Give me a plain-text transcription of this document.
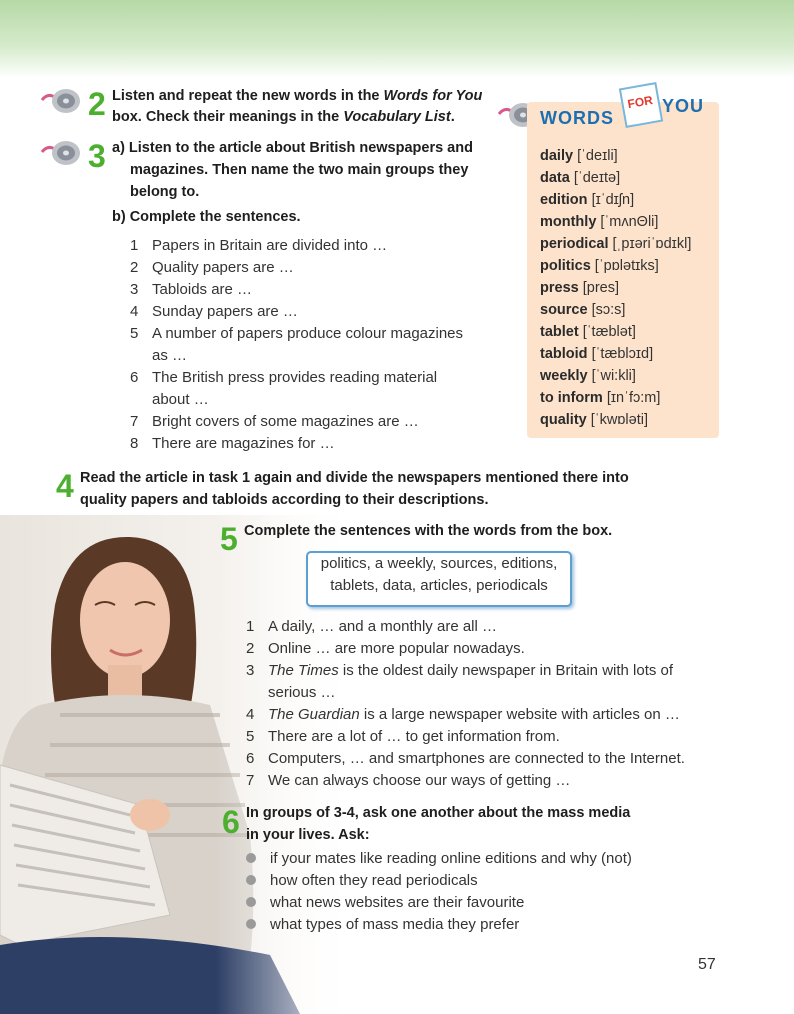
2 Listen and repeat the new words in the Words for You
box. Check their meanings in the Vocabulary List.
3 a) Listen to the article about British newspapers and
magazines. Then name the two main groups they
belong to.
b) Complete the sentences.
1 Papers in Britain are divided into …
2 Quality papers are …
3 Tabloids are …
4 Sunday papers are …
5 A number of papers produce colour magazines
as …
6 The British press provides reading material
about …
7 Bright covers of some magazines are …
8 There are magazines for …
WORDS
FOR YOU
daily [ˈdeɪli]
data [ˈdeɪtə]
edition [ɪˈdɪʃn]
monthly [ˈmʌnΘli]
periodical [ˌpɪəriˈɒdɪkl]
politics [ˈpɒlətɪks]
press [pres]
source [sɔ:s]
tablet [ˈtæblət]
tabloid [ˈtæblɔɪd]
weekly [ˈwi:kli]
to inform [ɪnˈfɔ:m]
quality [ˈkwɒləti]
4 Read the article in task 1 again and divide the newspapers mentioned there into
quality papers and tabloids according to their descriptions.
5 Complete the sentences with the words from the box.
politics, a weekly, sources, editions,
tablets, data, articles, periodicals
1 A daily, … and a monthly are all …
2 Online … are more popular nowadays.
3 The Times is the oldest daily newspaper in Britain with lots of
serious …
4 The Guardian is a large newspaper website with articles on …
5 There are a lot of … to get information from.
6 Computers, … and smartphones are connected to the Internet.
7 We can always choose our ways of getting …
6 In groups of 3-4, ask one another about the mass media
in your lives. Ask:
if your mates like reading online editions and why (not)
how often they read periodicals
what news websites are their favourite
what types of mass media they prefer
57
